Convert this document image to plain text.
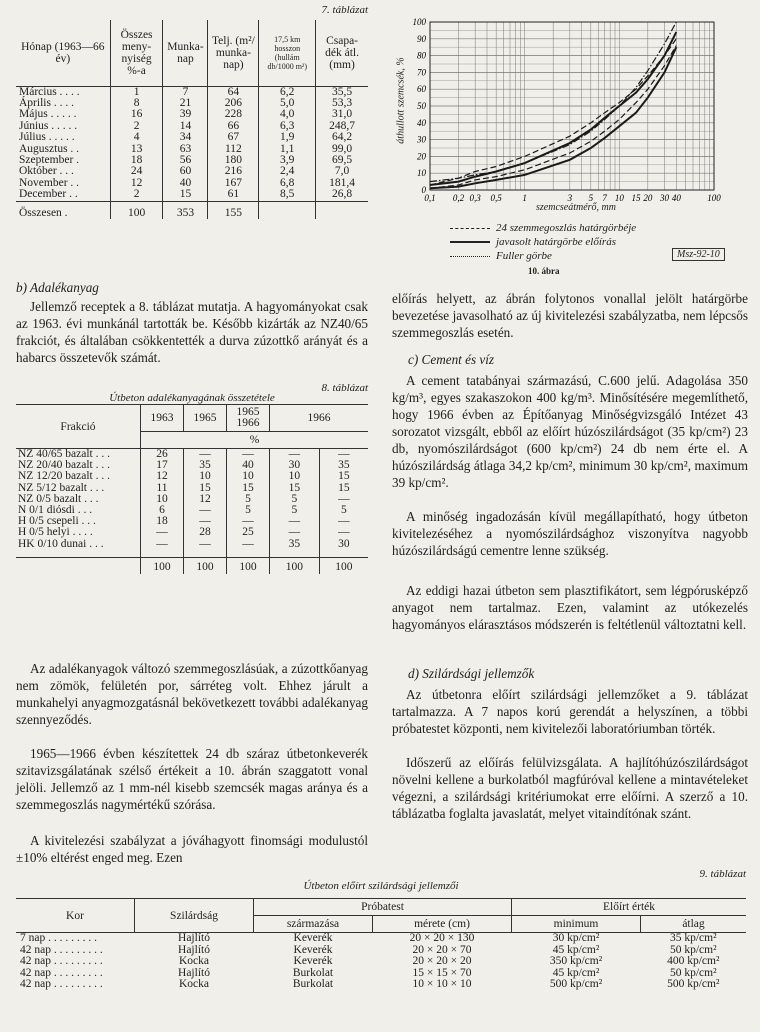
7. táblázat
Hónap (1963—66 év)	Összes meny-nyiség %-a	Munka-nap	Telj. (m²/ munka-nap)	17,5 km hosszon (hullám db/1000 m²)	Csapa-dék átl. (mm)
Március . . . .	1	7	64	6,2	35,5
Április . . . .	8	21	206	5,0	53,3
Május . . . . .	16	39	228	4,0	31,0
Június . . . . .	2	14	66	6,3	248,7
Július . . . . .	4	34	67	1,9	64,2
Augusztus . .	13	63	112	1,1	99,0
Szeptember .	18	56	180	3,9	69,5
Október . . .	24	60	216	2,4	7,0
November . .	12	40	167	6,8	181,4
December . .	2	15	61	8,5	26,8
Összesen .	100	353	155		
b) Adalékanyag

Jellemző receptek a 8. táblázat mutatja. A hagyományokat csak az 1963. évi munkánál tartották be. Később kizárták az NZ40/65 frakciót, és általában csökkentették a durva zúzottkő arányát és a habarcs összetevők számát.

8. táblázat
Útbeton adalékanyagának összetétele
Frakció	1963	1965	1965 1966	1966	
	%				
NZ 40/65 bazalt . . .	26	—	—	—	—
NZ 20/40 bazalt . . .	17	35	40	30	35
NZ 12/20 bazalt . . .	12	10	10	10	15
NZ 5/12 bazalt . . .	11	15	15	15	15
NZ 0/5 bazalt . . .	10	12	5	5	—
N 0/1 diósdi . . .	6	—	5	5	5
H 0/5 csepeli . . .	18	—	—	—	—
H 0/5 helyi . . . .	—	28	25	—	—
HK 0/10 dunai . . .	—	—	—	35	30

	100	100	100	100	100

Az adalékanyagok változó szemmegoszlásúak, a zúzottkőanyag nem zömök, felületén por, sárréteg volt. Ehhez járult a munkahelyi anyagmozgatásnál bekövetkezett további adalékanyag szennyeződés.

1965—1966 évben készítettek 24 db száraz útbetonkeverék szitavizsgálatának szélső értékeit a 10. ábrán szaggatott vonal jelöli. Jellemző az 1 mm-nél kisebb szemcsék magas aránya és a szemmegoszlás nagymértékű szórása.

A kivitelezési szabályzat a jóváhagyott finomsági modulustól ±10% eltérést enged meg. Ezen

0
10
20
30
40
50
60
70
80
90
100
0,1 0,2 0,3 0,5 1	3 5 7 10 15 20 30 40	100
áthullott szemcsék, %
szemcseátmérő, mm
24 szemmegoszlás határgörbéje
javasolt határgörbe előírás
Fuller görbe	Msz-92-10
10. ábra

előírás helyett, az ábrán folytonos vonallal jelölt határgörbe bevezetése javasolható az új kivitelezési szabályzatba, nem lépcsős szemmegoszlás esetén.

c) Cement és víz

A cement tatabányai származású, C.600 jelű. Adagolása 350 kg/m³, egyes szakaszokon 400 kg/m³. Minősítésére megemlíthető, hogy 1966 évben az Építőanyag Minőségvizsgáló Intézet 43 sorozatot vizsgált, ebből az előírt húzószilárdságot (35 kp/cm²) 23 db, nyomószilárdságot (600 kp/cm²) 24 db nem érte el. A húzószilárdság átlaga 34,2 kp/cm², minimum 30 kp/cm², maximum 39 kp/cm².

A minőség ingadozásán kívül megállapítható, hogy útbeton kivitelezéséhez a nyomószilárdsághoz viszonyítva nagyobb húzószilárdságú cementre lenne szükség.

Az eddigi hazai útbeton sem plasztifikátort, sem légpórusképző anyagot nem tartalmaz. Ezen, valamint az utókezelés hagyományos elárasztásos módszerén is feltétlenül változtatni kell.

d) Szilárdsági jellemzők

Az útbetonra előírt szilárdsági jellemzőket a 9. táblázat tartalmazza. A 7 napos korú gerendát a helyszínen, a többi próbatestet központi, nem kivitelezői laboratóriumban törték.

Időszerű az előírás felülvizsgálata. A hajlítóhúzószilárdságot növelni kellene a burkolatból magfúróval kellene a mintavételeket végezni, a szilárdsági kritériumokat erre előírni. A szerző a 10. táblázatba foglalta javaslatát, melyet vitaindítónak szánt.

9. táblázat
Útbeton előírt szilárdsági jellemzői
Kor	Szilárdság	Próbatest		Előírt érték	
		származása	mérete (cm)	minimum	átlag
7 nap . . . . . . . . .	Hajlító	Keverék	20 × 20 × 130	30 kp/cm²	35 kp/cm²
42 nap . . . . . . . . .	Hajlító	Keverék	20 × 20 × 70	45 kp/cm²	50 kp/cm²
42 nap . . . . . . . . .	Kocka	Keverék	20 × 20 × 20	350 kp/cm²	400 kp/cm²
42 nap . . . . . . . . .	Hajlító	Burkolat	15 × 15 × 70	45 kp/cm²	50 kp/cm²
42 nap . . . . . . . . .	Kocka	Burkolat	10 × 10 × 10	500 kp/cm²	500 kp/cm²
